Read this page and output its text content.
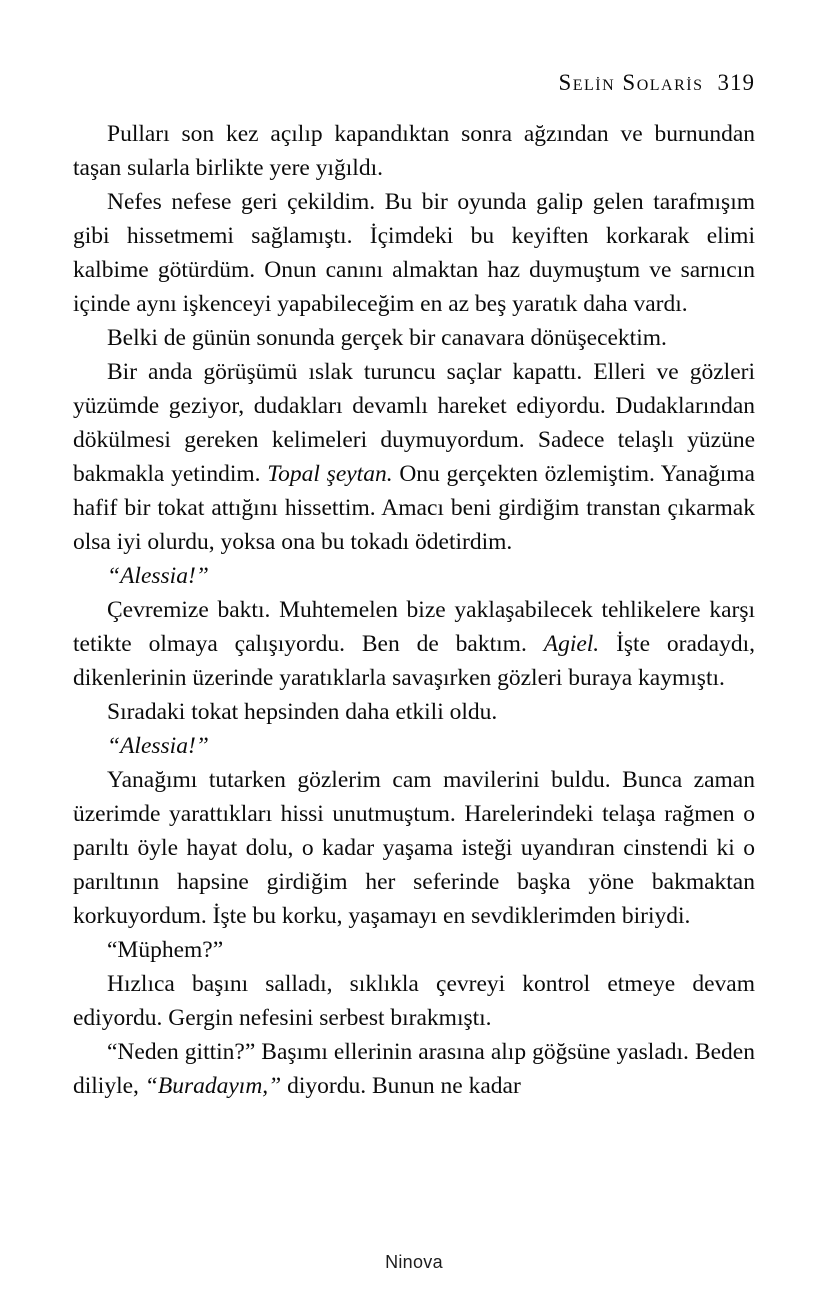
Selin Solaris 319

Pulları son kez açılıp kapandıktan sonra ağzından ve burnundan taşan sularla birlikte yere yığıldı.

Nefes nefese geri çekildim. Bu bir oyunda galip gelen tarafmışım gibi hissetmemi sağlamıştı. İçimdeki bu keyiften korkarak elimi kalbime götürdüm. Onun canını almaktan haz duymuştum ve sarnıcın içinde aynı işkenceyi yapabileceğim en az beş yaratık daha vardı.

Belki de günün sonunda gerçek bir canavara dönüşecektim.

Bir anda görüşümü ıslak turuncu saçlar kapattı. Elleri ve gözleri yüzümde geziyor, dudakları devamlı hareket ediyordu. Dudaklarından dökülmesi gereken kelimeleri duymuyordum. Sadece telaşlı yüzüne bakmakla yetindim. Topal şeytan. Onu gerçekten özlemiştim. Yanağıma hafif bir tokat attığını hissettim. Amacı beni girdiğim transtan çıkarmak olsa iyi olurdu, yoksa ona bu tokadı ödetirdim.

“Alessia!”

Çevremize baktı. Muhtemelen bize yaklaşabilecek tehlikelere karşı tetikte olmaya çalışıyordu. Ben de baktım. Agiel. İşte oradaydı, dikenlerinin üzerinde yaratıklarla savaşırken gözleri buraya kaymıştı.

Sıradaki tokat hepsinden daha etkili oldu.

“Alessia!”

Yanağımı tutarken gözlerim cam mavilerini buldu. Bunca zaman üzerimde yarattıkları hissi unutmuştum. Harelerindeki telaşa rağmen o parıltı öyle hayat dolu, o kadar yaşama isteği uyandıran cinstendi ki o parıltının hapsine girdiğim her seferinde başka yöne bakmaktan korkuyordum. İşte bu korku, yaşamayı en sevdiklerimden biriydi.

“Müphem?”

Hızlıca başını salladı, sıklıkla çevreyi kontrol etmeye devam ediyordu. Gergin nefesini serbest bırakmıştı.

“Neden gittin?” Başımı ellerinin arasına alıp göğsüne yasladı. Beden diliyle, “Buradayım,” diyordu. Bunun ne kadar

Ninova
